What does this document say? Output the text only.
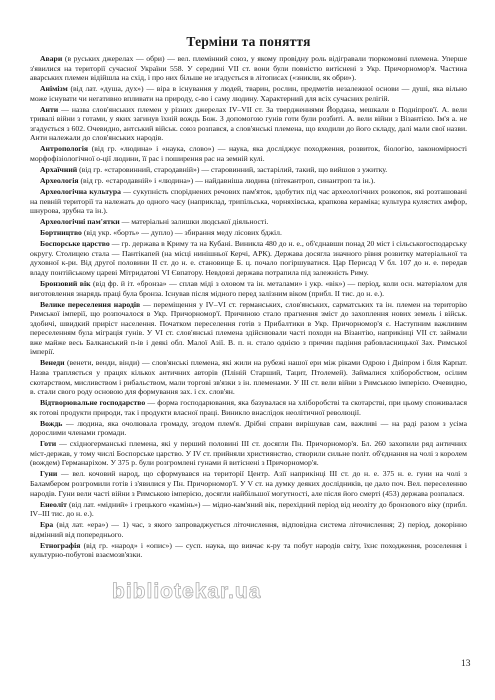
Терміни та поняття

Авари (в руських джерелах — обри) — вел. племінний союз, у якому провідну роль відігравали тюркомовні племена. Уперше з'явилися на території сучасної України 558. У середині VII ст. вони були повністю витіснені з Укр. Причорномор'я. Частина аварських племен відійшла на схід, і про них більше не згадується в літописах («зникли, як обри»).

Анімізм (від лат. «душа, дух») — віра в існування у людей, тварин, рослин, предметів незалежної основи — душі, яка вільно може існувати чи негативно впливати на природу, с-во і саму людину. Характерний для всіх сучасних релігій.

Анти — назва слов'янських племен у різних джерелах IV–VII ст. За твердженнями Йордана, мешкали в Подніпров'ї. А. вели тривалі війни з готами, у яких загинув їхній вождь Бож. З допомогою гунів готи були розбиті. А. вели війни з Візантією. Ім'я а. не згадується з 602. Очевидно, антський військ. союз розпався, а слов'янські племена, що входили до його складу, далі мали свої назви. Анти належали до слов'янських народів.

Антропологія (від гр. «людина» і «наука, слово») — наука, яка досліджує походження, розвиток, біологію, закономірності морфофізіологічної о-ції людини, її рас і поширення рас на земній кулі.

Архаїчний (від гр. «старовинний, стародавній») — старовинний, застарілий, такий, що вийшов з ужитку.

Археологія (від гр. «стародавній» і «людина») — найдавніша людина (пітекантроп, синантроп та ін.).

Археологічна культура — сукупність споріднених речових пам'яток, здобутих під час археологічних розкопок, які розташовані на певній території та належать до одного часу (наприклад, трипільська, чорняхівська, крапкова кераміка; культура кулястих амфор, шнурова, зрубна та ін.).

Археологічні пам'ятки — матеріальні залишки людської діяльності.

Бортництво (від укр. «борть» — дупло) — збирання меду лісових бджіл.

Боспорське царство — гр. держава в Криму та на Кубані. Виникла 480 до н. е., об'єднавши понад 20 міст і сільськогосподарську округу. Столицею стала — Пантікапей (на місці нинішньої Керчі, АРК). Держава досягла значного рівня розвитку матеріальної та духовної к-ри. Від другої половини II ст. до н. е. становище Б. ц. почало погіршуватися. Цар Перисад V бл. 107 до н. е. передав владу понтійському цареві Мітридатові VI Євпатору. Невдовзі держава потрапила під залежність Риму.

Бронзовий вік (від фр. й іт. «бронза» — сплав міді з оловом та ін. металами» і укр. «вік») — період, коли осн. матеріалом для виготовлення знарядь праці була бронза. Існував після мідного перед залізним віком (прибл. II тис. до н. е.).

Велике переселення народів — переміщення у IV–VI ст. германських, слов'янських, сарматських та ін. племен на територію Римської імперії, що розпочалося в Укр. Причорномор'ї. Причиною стало прагнення зміст до захоплення нових земель і військ. здобичі, швидкий приріст населення. Початком переселення готів з Прибалтики в Укр. Причорномор'я є. Наступним важливим переселенням була міграція гунів. У VI ст. слов'янські племена здійснювали часті походи на Візантію, наприкінці VII ст. займали вже майже весь Балканський п-ів і деякі обл. Малої Азії. В. п. н. стало однією з причин падіння рабовласницької Зах. Римської імперії.

Венеди (венети, венди, вінди) — слов'янські племена, які жили на рубежі нашої ери між ріками Одрою і Дніпром і біля Карпат. Назва трапляється у працях кількох античних авторів (Пліній Старший, Тацит, Птолемей). Займалися хліборобством, осілим скотарством, мисливством і рибальством, мали торгові зв'язки з ін. племенами. У III ст. вели війни з Римською імперією. Очевидно, в. стали свого роду основою для формування зах. і сх. слов'ян.

Відтворювальне господарство — форма господарювання, яка базувалася на хліборобстві та скотарстві, при цьому споживалася як готові продукти природи, так і продукти власної праці. Виникло внаслідок неолітичної революції.

Вождь — людина, яка очолювала громаду, згодом плем'я. Дрібні справи вирішував сам, важливі — на раді разом з усіма дорослими членами громади.

Готи — східногерманські племена, які у перший половині III ст. досягли Пн. Причорномор'я. Бл. 260 захопили ряд античних міст-держав, у тому числі Боспорське царство. У IV ст. прийняли християнство, створили сильне політ. об'єднання на чолі з королем (вождем) Германаріхом. У 375 р. були розгромлені гунами й витіснені з Причорномор'я.

Гуни — вел. кочовий народ, що сформувався на території Центр. Азії наприкінці III ст. до н. е. 375 н. е. гуни на чолі з Баламбером розгромили готів і з'явилися у Пн. Причорномор'ї. У V ст. на думку деяких дослідників, це дало поч. Вел. переселенню народів. Гуни вели часті війни з Римською імперією, досягли найбільшої могутності, але після його смерті (453) держава розпалася.

Енеоліт (від лат. «мідний» і грецького «камінь») — мідно-кам'яний вік, перехідний період від неоліту до бронзового віку (прибл. IV–III тис. до н. е.).

Ера (від лат. «ера») — 1) час, з якого запроваджується літочислення, відповідна система літочислення; 2) період, докорінно відмінний від попереднього.

Етнографія (від гр. «народ» і «опис») — сусп. наука, що вивчає к-ру та побут народів світу, їхнє походження, розселення і культурно-побутові взаємозв'язки.

bibliotekar.ua
13
